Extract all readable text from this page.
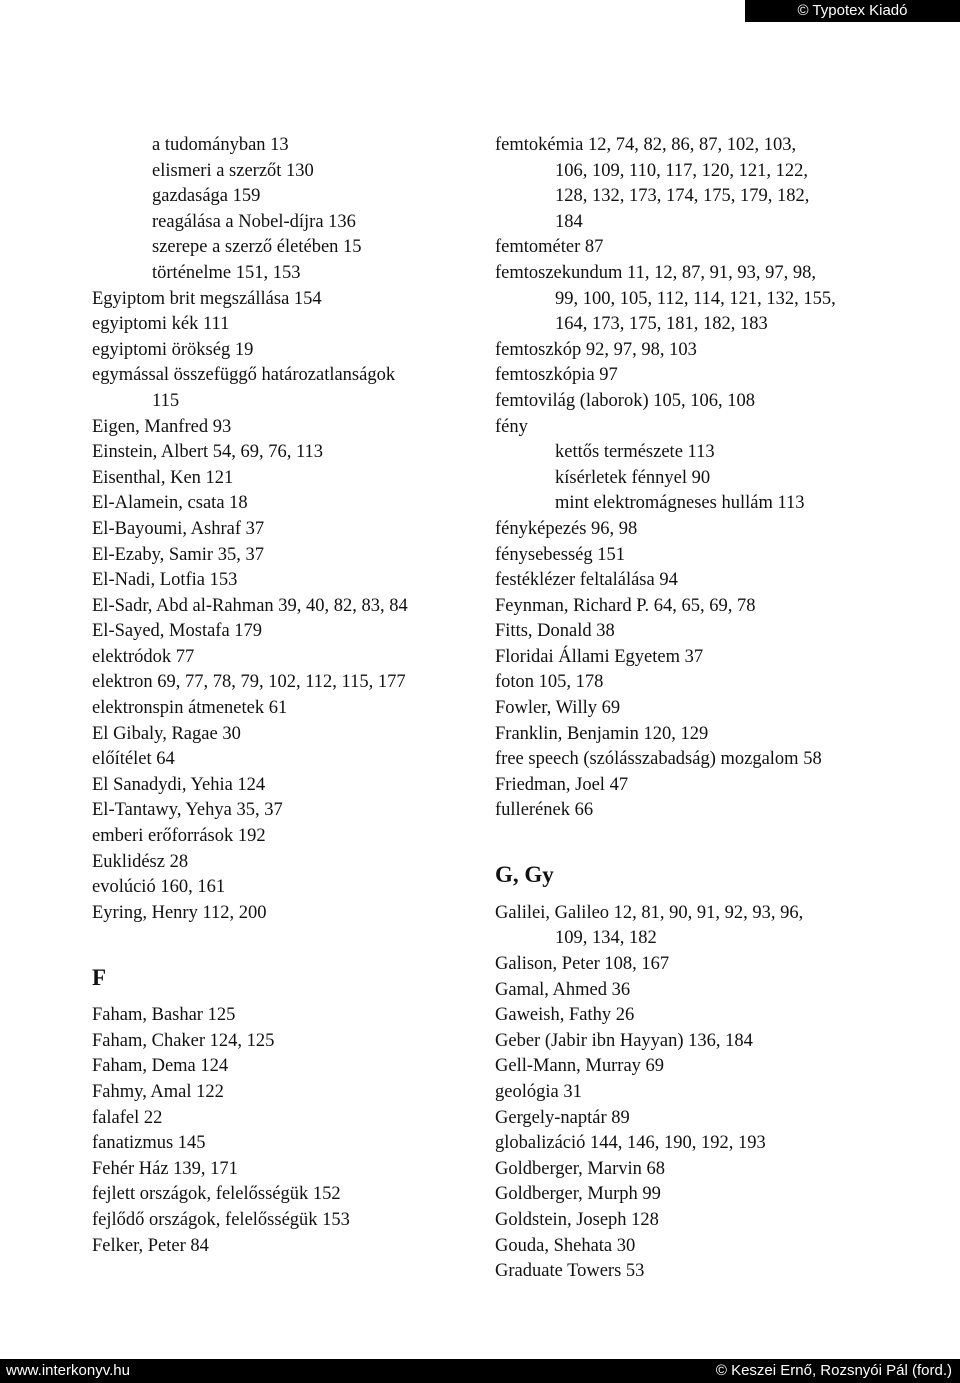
© Typotex Kiadó
a tudományban 13
elismeri a szerzőt 130
gazdasága 159
reagálása a Nobel-díjra 136
szerepe a szerző életében 15
történelme 151, 153
Egyiptom brit megszállása 154
egyiptomi kék 111
egyiptomi örökség 19
egymással összefüggő határozatlanságok
115
Eigen, Manfred 93
Einstein, Albert 54, 69, 76, 113
Eisenthal, Ken 121
El-Alamein, csata 18
El-Bayoumi, Ashraf 37
El-Ezaby, Samir 35, 37
El-Nadi, Lotfia 153
El-Sadr, Abd al-Rahman 39, 40, 82, 83, 84
El-Sayed, Mostafa 179
elektródok 77
elektron 69, 77, 78, 79, 102, 112, 115, 177
elektronspin átmenetek 61
El Gibaly, Ragae 30
előítélet 64
El Sanadydi, Yehia 124
El-Tantawy, Yehya 35, 37
emberi erőforrások 192
Euklidész 28
evolúció 160, 161
Eyring, Henry 112, 200
F
Faham, Bashar 125
Faham, Chaker 124, 125
Faham, Dema 124
Fahmy, Amal 122
falafel 22
fanatizmus 145
Fehér Ház 139, 171
fejlett országok, felelősségük 152
fejlődő országok, felelősségük 153
Felker, Peter 84
femtokémia 12, 74, 82, 86, 87, 102, 103,
106, 109, 110, 117, 120, 121, 122,
128, 132, 173, 174, 175, 179, 182,
184
femtométer 87
femtoszekundum 11, 12, 87, 91, 93, 97, 98,
99, 100, 105, 112, 114, 121, 132, 155,
164, 173, 175, 181, 182, 183
femtoszkóp 92, 97, 98, 103
femtoszkópia 97
femtovilág (laborok) 105, 106, 108
fény
kettős természete 113
kísérletek fénnyel 90
mint elektromágneses hullám 113
fényképezés 96, 98
fénysebesség 151
festéklézer feltalálása 94
Feynman, Richard P. 64, 65, 69, 78
Fitts, Donald 38
Floridai Állami Egyetem 37
foton 105, 178
Fowler, Willy 69
Franklin, Benjamin 120, 129
free speech (szólásszabadság) mozgalom 58
Friedman, Joel 47
fullerének 66
G, Gy
Galilei, Galileo 12, 81, 90, 91, 92, 93, 96,
109, 134, 182
Galison, Peter 108, 167
Gamal, Ahmed 36
Gaweish, Fathy 26
Geber (Jabir ibn Hayyan) 136, 184
Gell-Mann, Murray 69
geológia 31
Gergely-naptár 89
globalizáció 144, 146, 190, 192, 193
Goldberger, Marvin 68
Goldberger, Murph 99
Goldstein, Joseph 128
Gouda, Shehata 30
Graduate Towers 53
www.interkonyv.hu	© Keszei Ernő, Rozsnyói Pál (ford.)
